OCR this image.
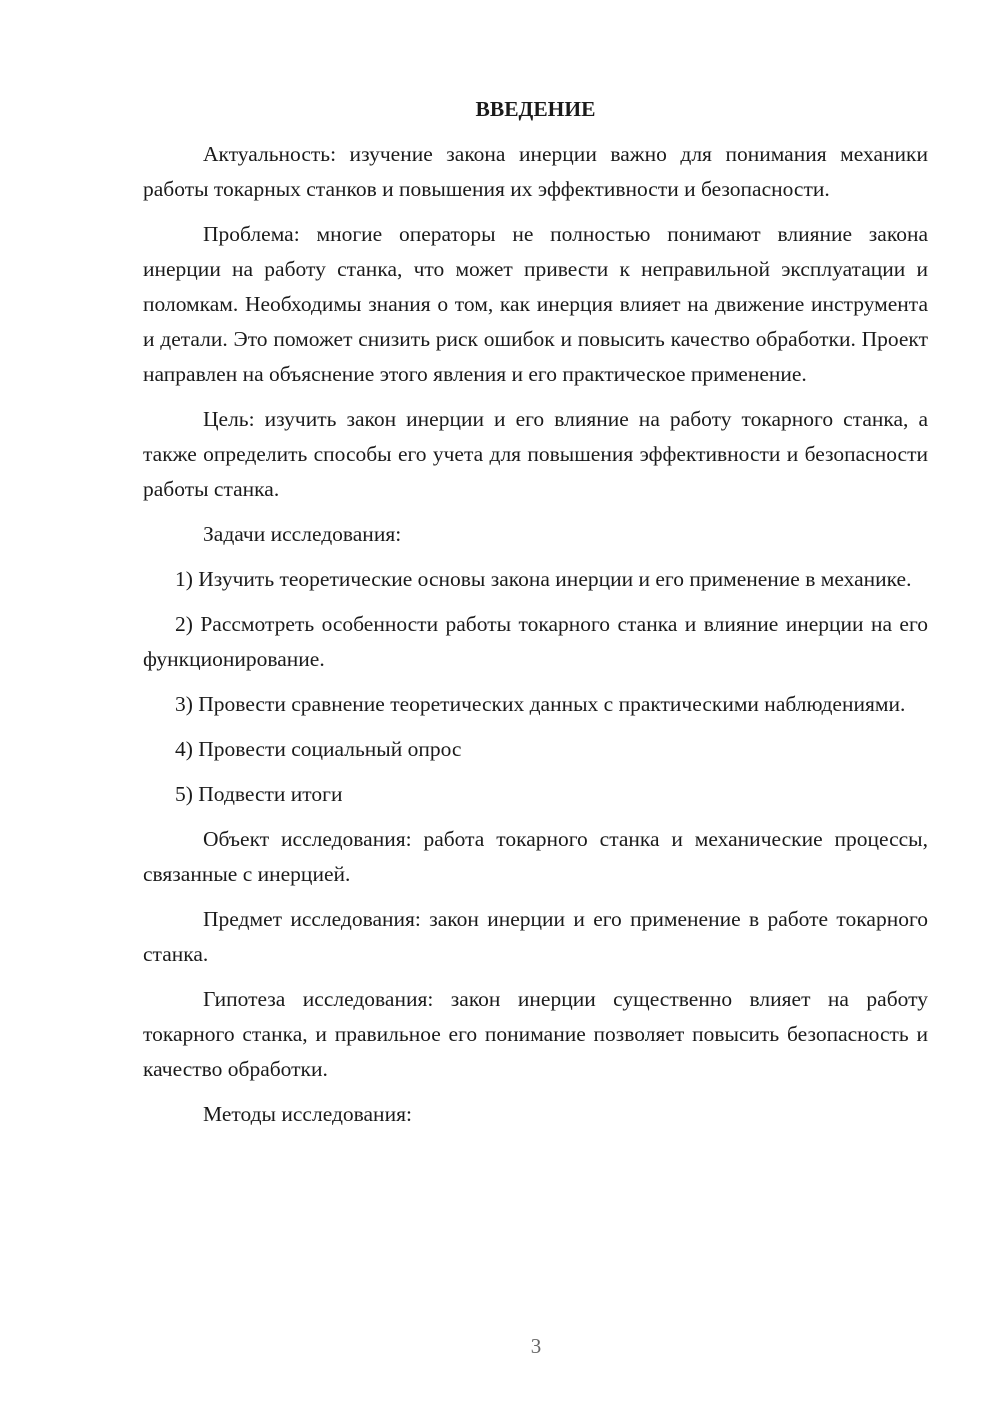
ВВЕДЕНИЕ

Актуальность: изучение закона инерции важно для понимания механики работы токарных станков и повышения их эффективности и безопасности.

Проблема: многие операторы не полностью понимают влияние закона инерции на работу станка, что может привести к неправильной эксплуатации и поломкам. Необходимы знания о том, как инерция влияет на движение инструмента и детали. Это поможет снизить риск ошибок и повысить качество обработки. Проект направлен на объяснение этого явления и его практическое применение.

Цель: изучить закон инерции и его влияние на работу токарного станка, а также определить способы его учета для повышения эффективности и безопасности работы станка.

Задачи исследования:

1) Изучить теоретические основы закона инерции и его применение в механике.

2) Рассмотреть особенности работы токарного станка и влияние инерции на его функционирование.

3) Провести сравнение теоретических данных с практическими наблюдениями.

4) Провести социальный опрос

5) Подвести итоги

Объект исследования: работа токарного станка и механические процессы, связанные с инерцией.

Предмет исследования: закон инерции и его применение в работе токарного станка.

Гипотеза исследования: закон инерции существенно влияет на работу токарного станка, и правильное его понимание позволяет повысить безопасность и качество обработки.

Методы исследования:

3
